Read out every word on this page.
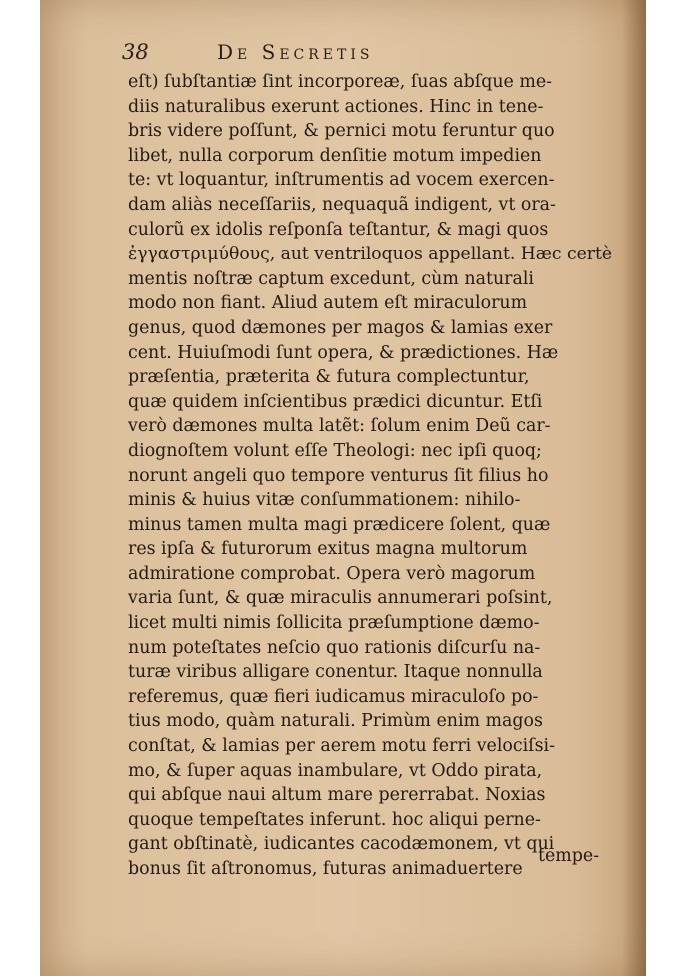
38	De Secretis
eſt) ſubſtantiæ ſint incorporeæ, ſuas abſque me-
diis naturalibus exerunt actiones. Hinc in tene-
bris videre poſſunt, & pernici motu feruntur quo
libet, nulla corporum denſitie motum impedien
te: vt loquantur, inſtrumentis ad vocem exercen-
dam aliàs neceſſariis, nequaquã indigent, vt ora-
culorũ ex idolis reſponſa teſtantur, & magi quos
ἐγγαστριμύθους, aut ventriloquos appellant. Hæc certè
mentis noſtræ captum excedunt, cùm naturali
modo non fiant. Aliud autem eſt miraculorum
genus, quod dæmones per magos & lamias exer
cent. Huiuſmodi ſunt opera, & prædictiones. Hæ
præſentia, præterita & futura complectuntur,
quæ quidem inſcientibus prædici dicuntur. Etſi
verò dæmones multa latẽt: ſolum enim Deũ car-
diognoſtem volunt eſſe Theologi: nec ipſi quoq;
norunt angeli quo tempore venturus ſit filius ho
minis & huius vitæ conſummationem: nihilo-
minus tamen multa magi prædicere ſolent, quæ
res ipſa & futurorum exitus magna multorum
admiratione comprobat. Opera verò magorum
varia ſunt, & quæ miraculis annumerari poſsint,
licet multi nimis ſollicita præſumptione dæmo-
num poteſtates neſcio quo rationis diſcurſu na-
turæ viribus alligare conentur. Itaque nonnulla
referemus, quæ fieri iudicamus miraculoſo po-
tius modo, quàm naturali. Primùm enim magos
conſtat, & lamias per aerem motu ferri velociſsi-
mo, & ſuper aquas inambulare, vt Oddo pirata,
qui abſque naui altum mare pererrabat. Noxias
quoque tempeſtates inferunt. hoc aliqui perne-
gant obſtinatè, iudicantes cacodæmonem, vt qui
bonus ſit aſtronomus, futuras animaduertere
tempe-
